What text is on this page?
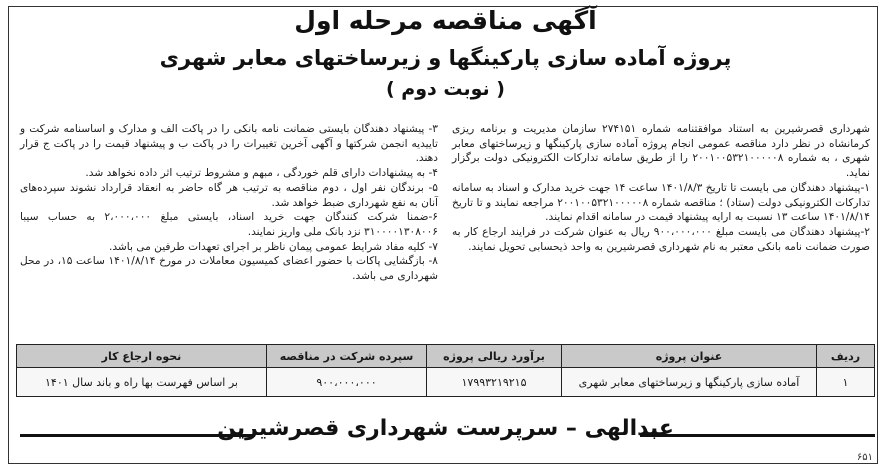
آگهی مناقصه مرحله اول
پروژه آماده سازی پارکینگها و زیرساختهای معابر شهری
( نوبت دوم )

شهرداری قصرشیرین به استناد موافقتنامه شماره ۲۷۴۱۵۱ سازمان مدیریت و برنامه ریزی کرمانشاه در نظر دارد مناقصه عمومی انجام پروژه آماده سازی پارکینگها و زیرساختهای معابر شهری ، به شماره ۲۰۰۱۰۰۵۳۲۱۰۰۰۰۰۸ را از طریق سامانه تدارکات الکترونیکی دولت برگزار نماید.

۱-پیشنهاد دهندگان می بایست تا تاریخ ۱۴۰۱/۸/۳ ساعت ۱۴ جهت خرید مدارک و اسناد به سامانه تدارکات الکترونیکی دولت (ستاد) ؛ مناقصه شماره ۲۰۰۱۰۰۵۳۲۱۰۰۰۰۰۸ مراجعه نمایند و تا تاریخ ۱۴۰۱/۸/۱۴ ساعت ۱۳ نسبت به ارایه پیشنهاد قیمت در سامانه اقدام نمایند.

۲-پیشنهاد دهندگان می بایست مبلغ ۹۰۰،۰۰۰،۰۰۰ ریال به عنوان شرکت در فرایند ارجاع کار به صورت ضمانت نامه بانکی معتبر به نام شهرداری قصرشیرین به واحد ذیحسابی تحویل نمایند.

۳- پیشنهاد دهندگان بایستی ضمانت نامه بانکی را در پاکت الف و مدارک و اساسنامه شرکت و تاییدیه انجمن شرکتها و آگهی آخرین تغییرات را در پاکت ب و پیشنهاد قیمت را در پاکت ج قرار دهند.

۴- به پیشنهادات دارای قلم خوردگی ، مبهم و مشروط ترتیب اثر داده نخواهد شد.

۵- برندگان نفر اول ، دوم مناقصه به ترتیب هر گاه حاضر به انعقاد قرارداد نشوند سپرده‌های آنان به نفع شهرداری ضبط خواهد شد.

۶-ضمنا شرکت کنندگان جهت خرید اسناد، بایستی مبلغ ۲،۰۰۰،۰۰۰ به حساب سیبا ۳۱۰۰۰۰۱۳۰۸۰۰۶ نزد بانک ملی واریز نمایند.

۷- کلیه مفاد شرایط عمومی پیمان ناظر بر اجرای تعهدات طرفین می باشد.

۸- بازگشایی پاکات با حضور اعضای کمیسیون معاملات در مورخ ۱۴۰۱/۸/۱۴ ساعت ۱۵، در محل شهرداری می باشد.

ردیف	عنوان پروژه	برآورد ریالی پروژه	سپرده شرکت در مناقصه	نحوه ارجاع کار
۱	آماده سازی پارکینگها و زیرساختهای معابر شهری	۱۷۹۹۳۲۱۹۲۱۵	۹۰۰،۰۰۰،۰۰۰	بر اساس فهرست بها راه و باند سال ۱۴۰۱
عبدالهی – سرپرست شهرداری قصرشیرین
۶۵۱
